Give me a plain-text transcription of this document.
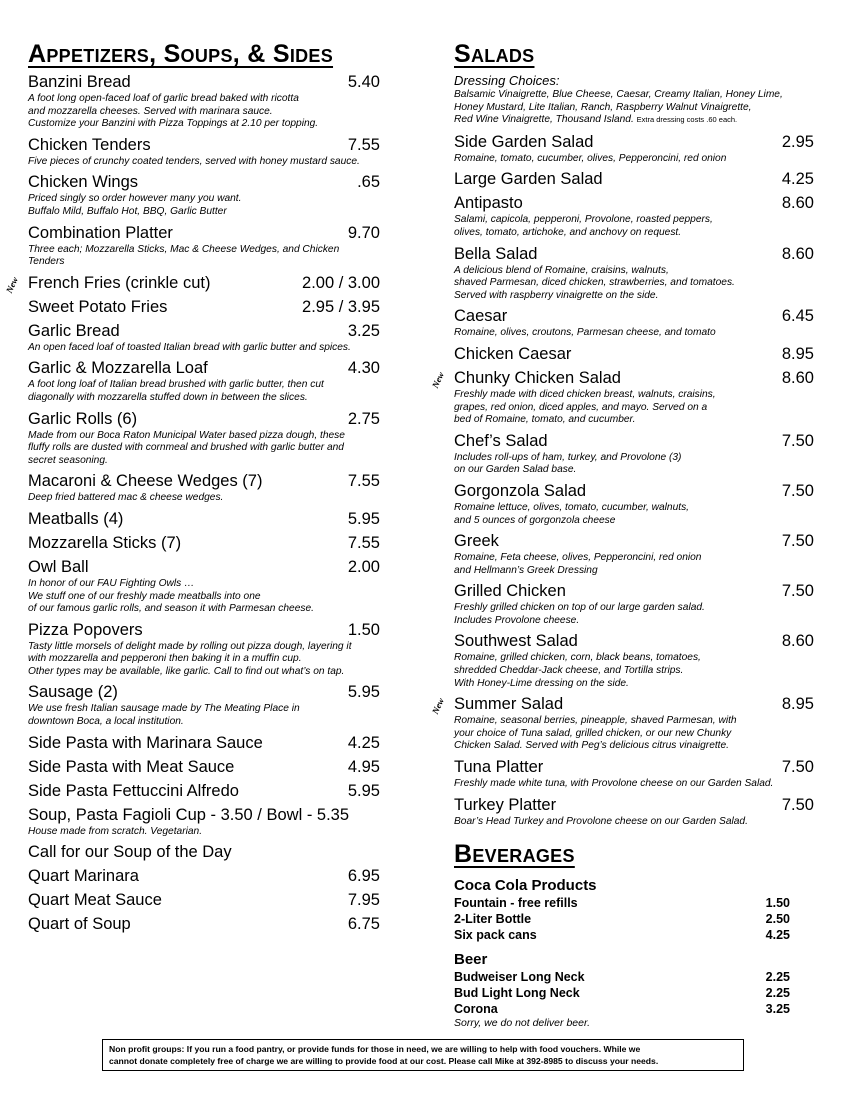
Appetizers, Soups, & Sides
Banzini Bread	5.40
A foot long open-faced loaf of garlic bread baked with ricotta
and mozzarella cheeses. Served with marinara sauce.
Customize your Banzini with Pizza Toppings at 2.10 per topping.
Chicken Tenders	7.55
Five pieces of crunchy coated tenders, served with honey mustard sauce.
Chicken Wings	.65
Priced singly so order however many you want.
Buffalo Mild, Buffalo Hot, BBQ, Garlic Butter
Combination Platter	9.70
Three each; Mozzarella Sticks, Mac & Cheese Wedges, and Chicken
Tenders
New French Fries (crinkle cut)	2.00 / 3.00
Sweet Potato Fries	2.95 / 3.95
Garlic Bread	3.25
An open faced loaf of toasted Italian bread with garlic butter and spices.
Garlic & Mozzarella Loaf	4.30
A foot long loaf of Italian bread brushed with garlic butter, then cut
diagonally with mozzarella stuffed down in between the slices.
Garlic Rolls (6)	2.75
Made from our Boca Raton Municipal Water based pizza dough, these
fluffy rolls are dusted with cornmeal and brushed with garlic butter and
secret seasoning.
Macaroni & Cheese Wedges (7)	7.55
Deep fried battered mac & cheese wedges.
Meatballs (4)	5.95
Mozzarella Sticks (7)	7.55
Owl Ball	2.00
In honor of our FAU Fighting Owls …
We stuff one of our freshly made meatballs into one
of our famous garlic rolls, and season it with Parmesan cheese.
Pizza Popovers	1.50
Tasty little morsels of delight made by rolling out pizza dough, layering it
with mozzarella and pepperoni then baking it in a muffin cup.
Other types may be available, like garlic. Call to find out what’s on tap.
Sausage (2)	5.95
We use fresh Italian sausage made by The Meating Place in
downtown Boca, a local institution.
Side Pasta with Marinara Sauce	4.25
Side Pasta with Meat Sauce	4.95
Side Pasta Fettuccini Alfredo	5.95
Soup, Pasta Fagioli Cup - 3.50 / Bowl - 5.35
House made from scratch. Vegetarian.
Call for our Soup of the Day
Quart Marinara	6.95
Quart Meat Sauce	7.95
Quart of Soup	6.75
Salads
Dressing Choices:
Balsamic Vinaigrette, Blue Cheese, Caesar, Creamy Italian, Honey Lime,
Honey Mustard, Lite Italian, Ranch, Raspberry Walnut Vinaigrette,
Red Wine Vinaigrette, Thousand Island. Extra dressing costs .60 each.
Side Garden Salad	2.95
Romaine, tomato, cucumber, olives, Pepperoncini, red onion
Large Garden Salad	4.25
Antipasto	8.60
Salami, capicola, pepperoni, Provolone, roasted peppers,
olives, tomato, artichoke, and anchovy on request.
Bella Salad	8.60
A delicious blend of Romaine, craisins, walnuts,
shaved Parmesan, diced chicken, strawberries, and tomatoes.
Served with raspberry vinaigrette on the side.
Caesar	6.45
Romaine, olives, croutons, Parmesan cheese, and tomato
Chicken Caesar	8.95
New Chunky Chicken Salad	8.60
Freshly made with diced chicken breast, walnuts, craisins,
grapes, red onion, diced apples, and mayo. Served on a
bed of Romaine, tomato, and cucumber.
Chef’s Salad	7.50
Includes roll-ups of ham, turkey, and Provolone (3)
on our Garden Salad base.
Gorgonzola Salad	7.50
Romaine lettuce, olives, tomato, cucumber, walnuts,
and 5 ounces of gorgonzola cheese
Greek	7.50
Romaine, Feta cheese, olives, Pepperoncini, red onion
and Hellmann’s Greek Dressing
Grilled Chicken	7.50
Freshly grilled chicken on top of our large garden salad.
Includes Provolone cheese.
Southwest Salad	8.60
Romaine, grilled chicken, corn, black beans, tomatoes,
shredded Cheddar-Jack cheese, and Tortilla strips.
With Honey-Lime dressing on the side.
New Summer Salad	8.95
Romaine, seasonal berries, pineapple, shaved Parmesan, with
your choice of Tuna salad, grilled chicken, or our new Chunky
Chicken Salad. Served with Peg’s delicious citrus vinaigrette.
Tuna Platter	7.50
Freshly made white tuna, with Provolone cheese on our Garden Salad.
Turkey Platter	7.50
Boar’s Head Turkey and Provolone cheese on our Garden Salad.
Beverages
Coca Cola Products
Fountain - free refills	1.50
2-Liter Bottle	2.50
Six pack cans	4.25
Beer
Budweiser Long Neck	2.25
Bud Light Long Neck	2.25
Corona	3.25
Sorry, we do not deliver beer.
Non profit groups: If you run a food pantry, or provide funds for those in need, we are willing to help with food vouchers. While we
cannot donate completely free of charge we are willing to provide food at our cost. Please call Mike at 392-8985 to discuss your needs.
